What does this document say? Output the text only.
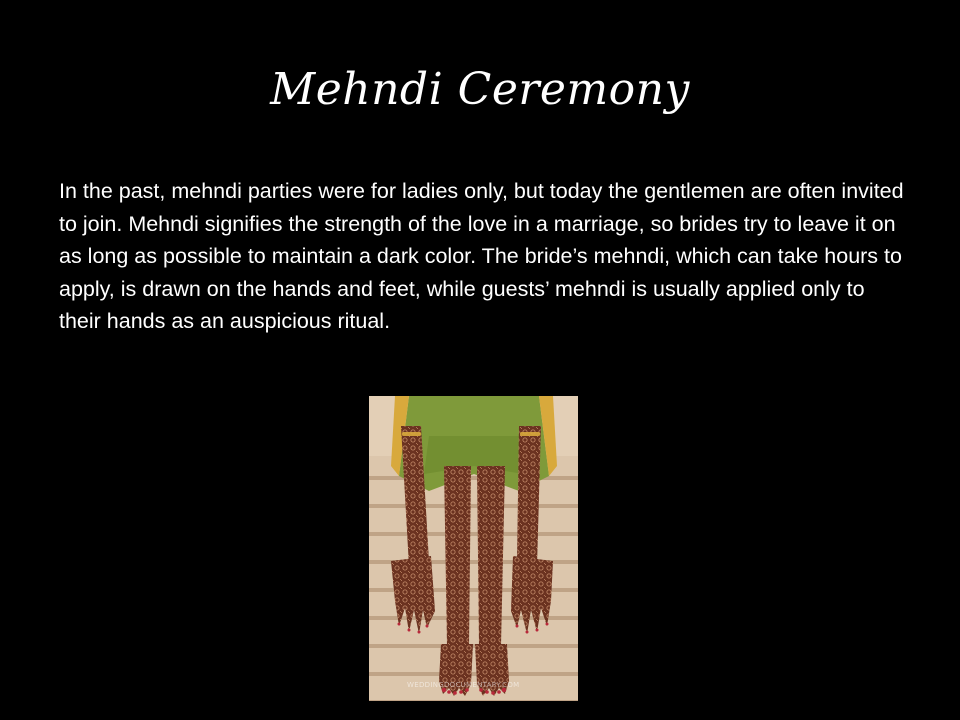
Mehndi Ceremony

In the past, mehndi parties were for ladies only, but today the gentlemen are often invited to join. Mehndi signifies the strength of the love in a marriage, so brides try to leave it on as long as possible to maintain a dark color. The bride’s mehndi, which can take hours to apply, is drawn on the hands and feet, while guests’ mehndi is usually applied only to their hands as an auspicious ritual.

WEDDINGDOCUMENTARY.COM
